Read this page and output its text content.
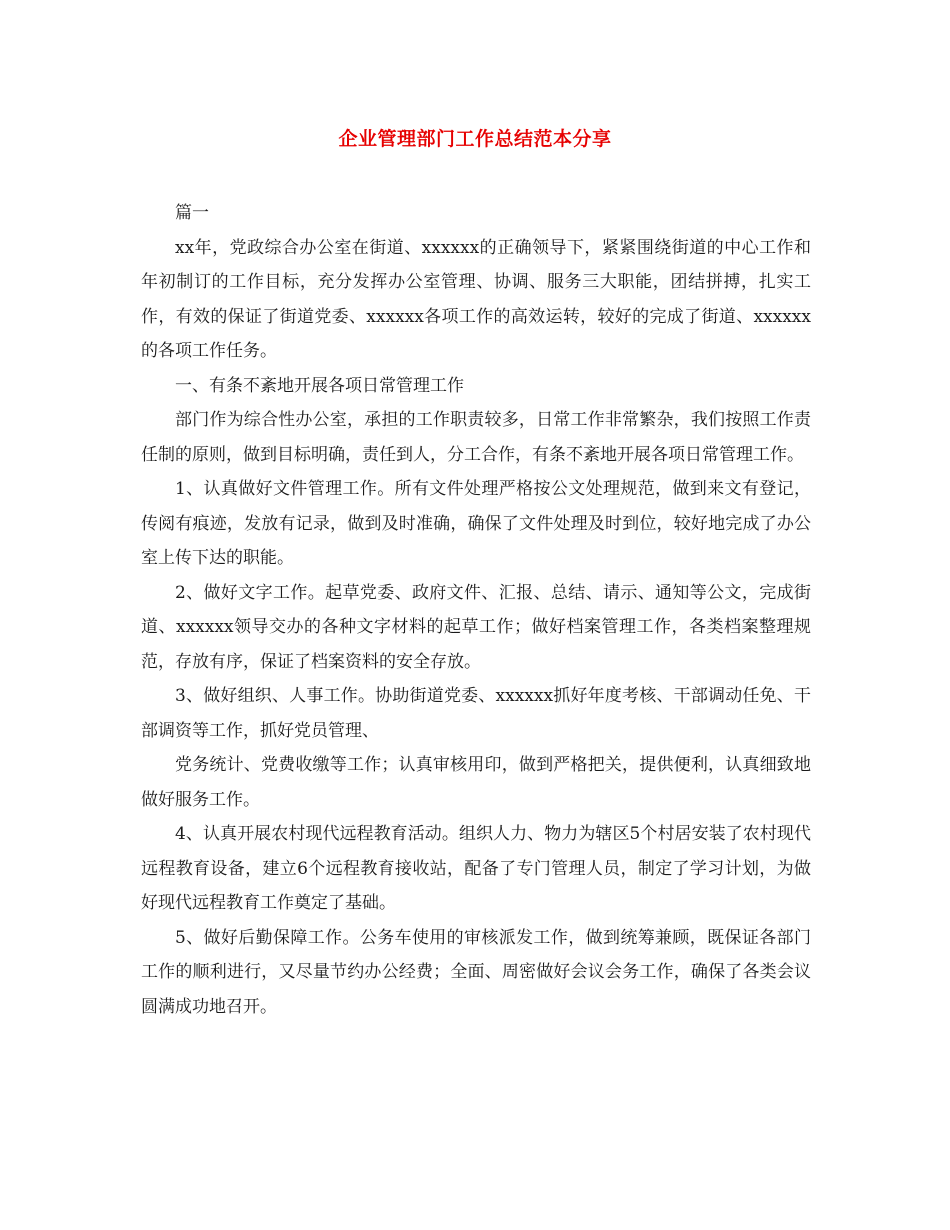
企业管理部门工作总结范本分享

篇一

xx年，党政综合办公室在街道、xxxxxx的正确领导下，紧紧围绕街道的中心工作和年初制订的工作目标，充分发挥办公室管理、协调、服务三大职能，团结拼搏，扎实工作，有效的保证了街道党委、xxxxxx各项工作的高效运转，较好的完成了街道、xxxxxx的各项工作任务。

一、有条不紊地开展各项日常管理工作

部门作为综合性办公室，承担的工作职责较多，日常工作非常繁杂，我们按照工作责任制的原则，做到目标明确，责任到人，分工合作，有条不紊地开展各项日常管理工作。

1、认真做好文件管理工作。所有文件处理严格按公文处理规范，做到来文有登记，传阅有痕迹，发放有记录，做到及时准确，确保了文件处理及时到位，较好地完成了办公室上传下达的职能。

2、做好文字工作。起草党委、政府文件、汇报、总结、请示、通知等公文，完成街道、xxxxxx领导交办的各种文字材料的起草工作；做好档案管理工作，各类档案整理规范，存放有序，保证了档案资料的安全存放。

3、做好组织、人事工作。协助街道党委、xxxxxx抓好年度考核、干部调动任免、干部调资等工作，抓好党员管理、

党务统计、党费收缴等工作；认真审核用印，做到严格把关，提供便利，认真细致地做好服务工作。

4、认真开展农村现代远程教育活动。组织人力、物力为辖区5个村居安装了农村现代远程教育设备，建立6个远程教育接收站，配备了专门管理人员，制定了学习计划，为做好现代远程教育工作奠定了基础。

5、做好后勤保障工作。公务车使用的审核派发工作，做到统筹兼顾，既保证各部门工作的顺利进行，又尽量节约办公经费；全面、周密做好会议会务工作，确保了各类会议圆满成功地召开。
